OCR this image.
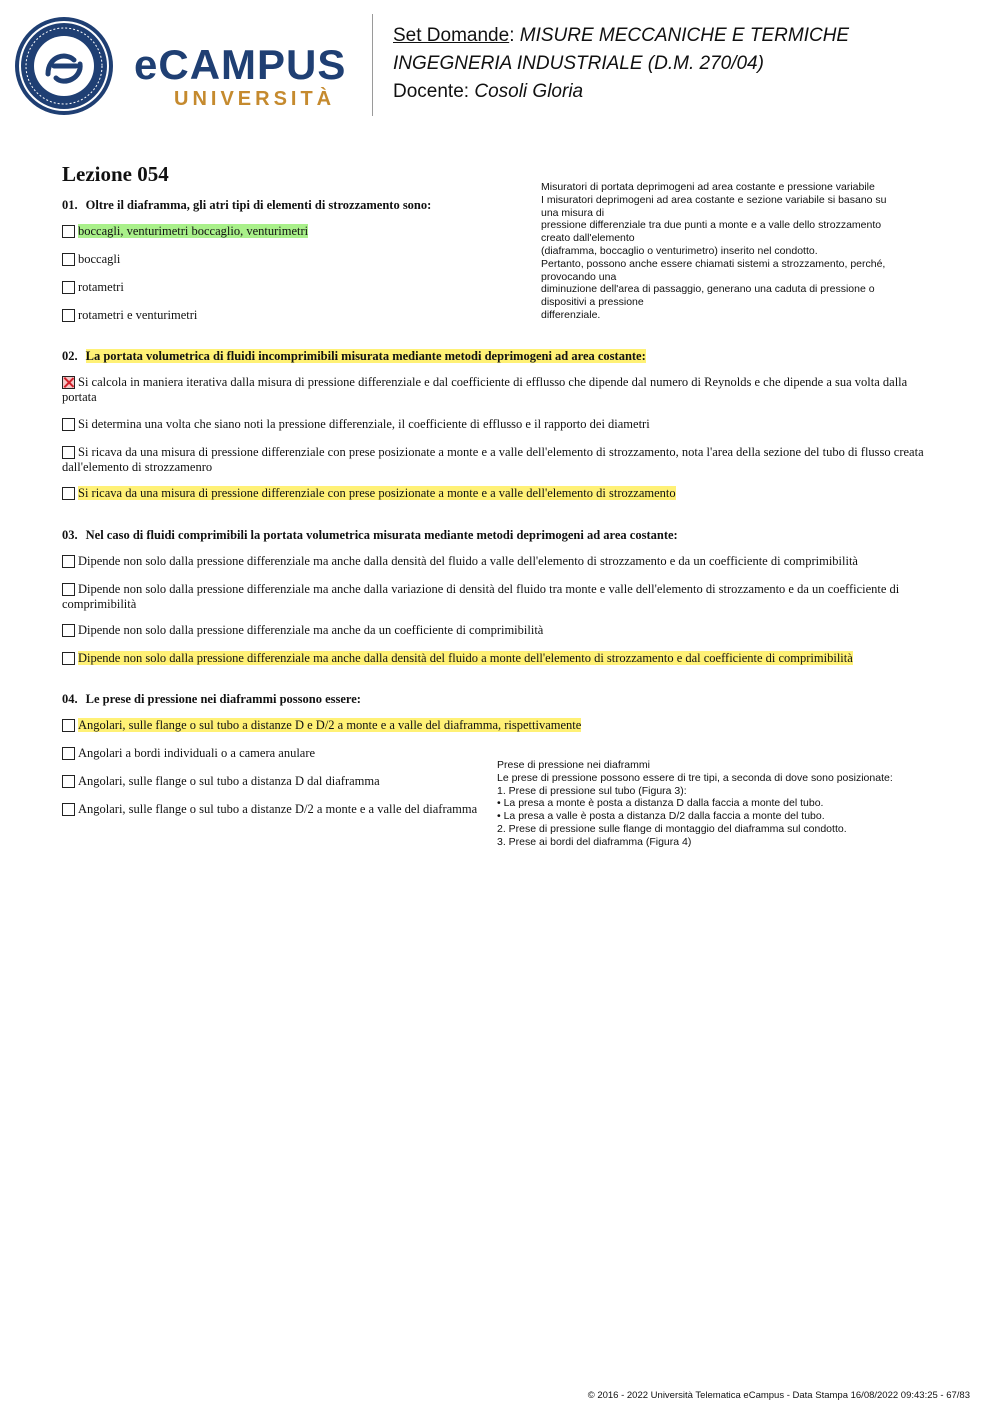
eCAMPUS
UNIVERSITÀ
Set Domande: MISURE MECCANICHE E TERMICHE
INGEGNERIA INDUSTRIALE (D.M. 270/04)
Docente: Cosoli Gloria
Lezione 054
01. Oltre il diaframma, gli atri tipi di elementi di strozzamento sono:
boccagli, venturimetri boccaglio, venturimetri
boccagli
rotametri
rotametri e venturimetri
Misuratori di portata deprimogeni ad area costante e pressione variabile
I misuratori deprimogeni ad area costante e sezione variabile si basano su
una misura di
pressione differenziale tra due punti a monte e a valle dello strozzamento
creato dall'elemento
(diaframma, boccaglio o venturimetro) inserito nel condotto.
Pertanto, possono anche essere chiamati sistemi a strozzamento, perché,
provocando una
diminuzione dell'area di passaggio, generano una caduta di pressione o
dispositivi a pressione
differenziale.
02. La portata volumetrica di fluidi incomprimibili misurata mediante metodi deprimogeni ad area costante:
Si calcola in maniera iterativa dalla misura di pressione differenziale e dal coefficiente di efflusso che dipende dal numero di Reynolds e che dipende a sua volta dalla portata
Si determina una volta che siano noti la pressione differenziale, il coefficiente di efflusso e il rapporto dei diametri
Si ricava da una misura di pressione differenziale con prese posizionate a monte e a valle dell'elemento di strozzamento, nota l'area della sezione del tubo di flusso creata dall'elemento di strozzamenro
Si ricava da una misura di pressione differenziale con prese posizionate a monte e a valle dell'elemento di strozzamento
03. Nel caso di fluidi comprimibili la portata volumetrica misurata mediante metodi deprimogeni ad area costante:
Dipende non solo dalla pressione differenziale ma anche dalla densità del fluido a valle dell'elemento di strozzamento e da un coefficiente di comprimibilità
Dipende non solo dalla pressione differenziale ma anche dalla variazione di densità del fluido tra monte e valle dell'elemento di strozzamento e da un coefficiente di comprimibilità
Dipende non solo dalla pressione differenziale ma anche da un coefficiente di comprimibilità
Dipende non solo dalla pressione differenziale ma anche dalla densità del fluido a monte dell'elemento di strozzamento e dal coefficiente di comprimibilità
04. Le prese di pressione nei diaframmi possono essere:
Angolari, sulle flange o sul tubo a distanze D e D/2 a monte e a valle del diaframma, rispettivamente
Angolari a bordi individuali o a camera anulare
Angolari, sulle flange o sul tubo a distanza D dal diaframma
Angolari, sulle flange o sul tubo a distanze D/2 a monte e a valle del diaframma
Prese di pressione nei diaframmi
Le prese di pressione possono essere di tre tipi, a seconda di dove sono posizionate:
1. Prese di pressione sul tubo (Figura 3):
• La presa a monte è posta a distanza D dalla faccia a monte del tubo.
• La presa a valle è posta a distanza D/2 dalla faccia a monte del tubo.
2. Prese di pressione sulle flange di montaggio del diaframma sul condotto.
3. Prese ai bordi del diaframma (Figura 4)
© 2016 - 2022 Università Telematica eCampus - Data Stampa 16/08/2022 09:43:25 - 67/83
